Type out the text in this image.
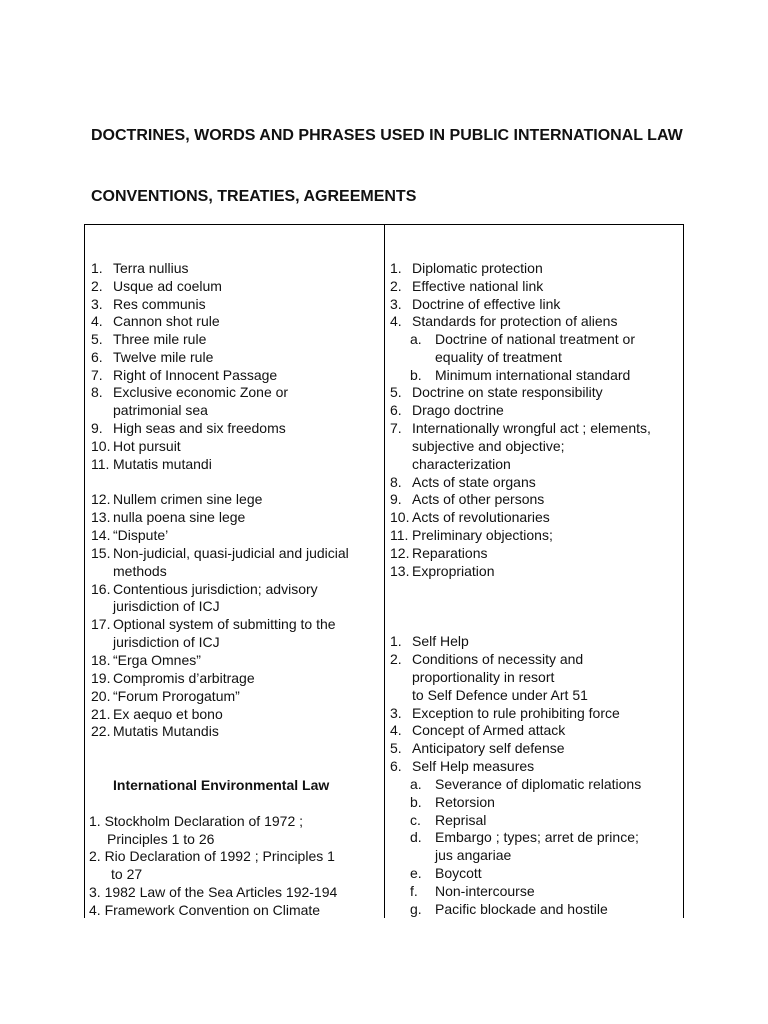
DOCTRINES, WORDS AND PHRASES USED IN PUBLIC INTERNATIONAL LAW
CONVENTIONS, TREATIES, AGREEMENTS
1. Terra nullius
2. Usque ad coelum
3. Res communis
4. Cannon shot rule
5. Three mile rule
6. Twelve mile rule
7. Right of Innocent Passage
8. Exclusive economic Zone or
patrimonial sea
9. High seas and six freedoms
10. Hot pursuit
11. Mutatis mutandi
12. Nullem crimen sine lege
13. nulla poena sine lege
14. “Dispute’
15. Non-judicial, quasi-judicial and judicial
methods
16. Contentious jurisdiction; advisory
jurisdiction of ICJ
17. Optional system of submitting to the
jurisdiction of ICJ
18. “Erga Omnes”
19. Compromis d’arbitrage
20. “Forum Prorogatum”
21. Ex aequo et bono
22. Mutatis Mutandis
International Environmental Law
1. Stockholm Declaration of 1972 ;
Principles 1 to 26
2. Rio Declaration of 1992 ; Principles 1
to 27
3. 1982 Law of the Sea Articles 192-194
4. Framework Convention on Climate
1. Diplomatic protection
2. Effective national link
3. Doctrine of effective link
4. Standards for protection of aliens
a. Doctrine of national treatment or
equality of treatment
b. Minimum international standard
5. Doctrine on state responsibility
6. Drago doctrine
7. Internationally wrongful act ; elements,
subjective and objective;
characterization
8. Acts of state organs
9. Acts of other persons
10. Acts of revolutionaries
11. Preliminary objections;
12. Reparations
13. Expropriation
1. Self Help
2. Conditions of necessity and
proportionality in resort
to Self Defence under Art 51
3. Exception to rule prohibiting force
4. Concept of Armed attack
5. Anticipatory self defense
6. Self Help measures
a. Severance of diplomatic relations
b. Retorsion
c. Reprisal
d. Embargo ; types; arret de prince;
jus angariae
e. Boycott
f. Non-intercourse
g. Pacific blockade and hostile
